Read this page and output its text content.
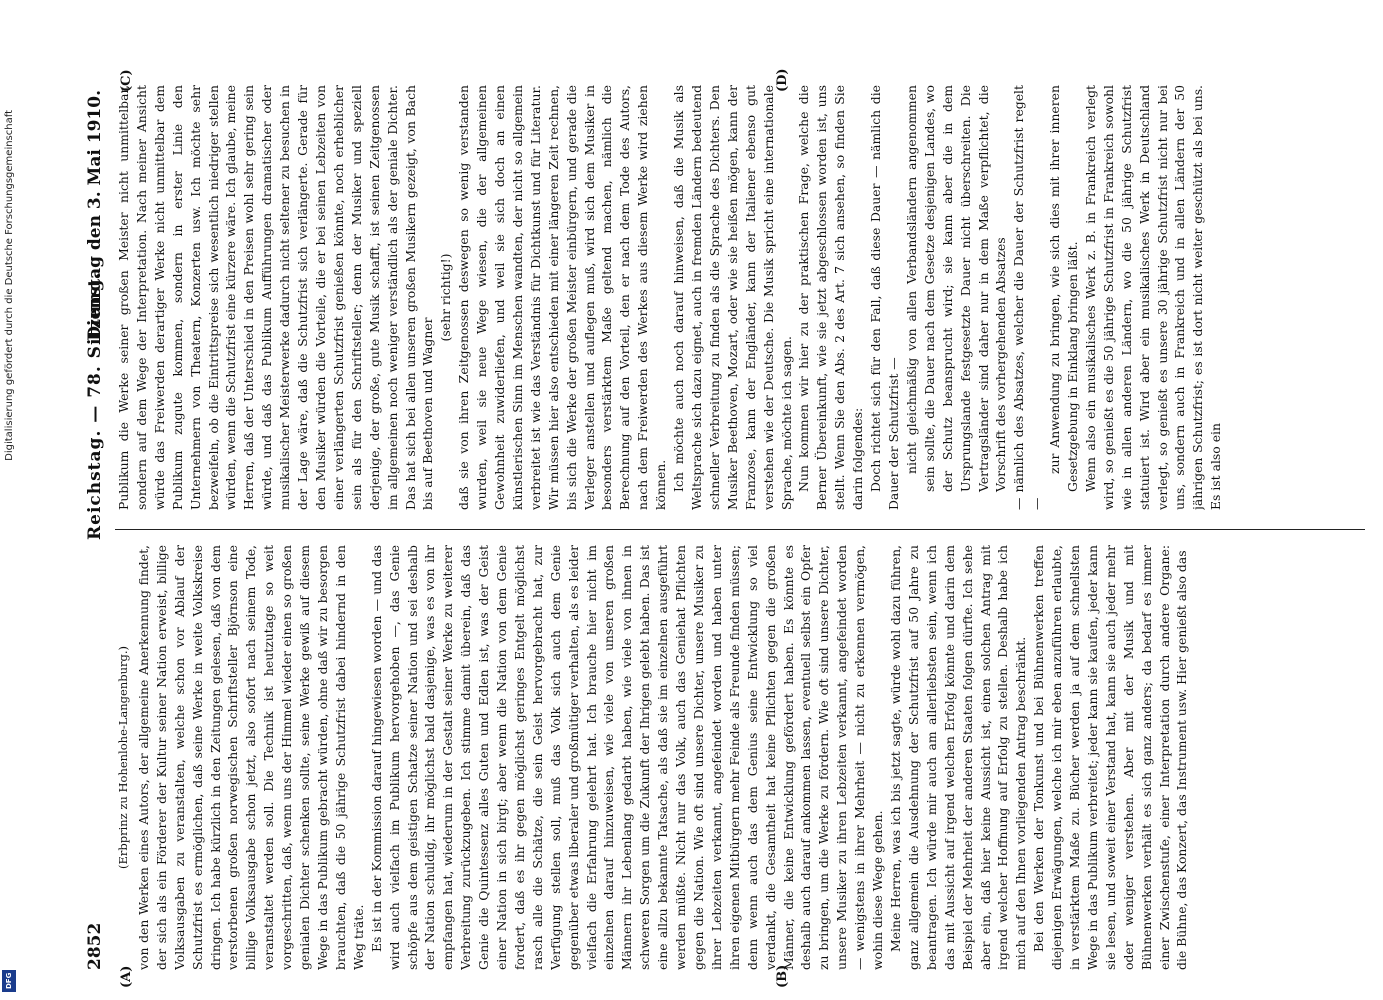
2852
Reichstag. — 78. Sitzung.
Dienstag den 3. Mai 1910.
(A)	(B)
(C)	(D)
(Erbprinz zu Hohenlohe-Langenburg.) von den Werken eines Autors, der allgemeine Anerkennung findet, der sich als ein Förderer der Kultur seiner Nation erweist, billige Volksausgaben zu veranstalten, welche schon vor Ablauf der Schutzfrist es ermöglichen, daß seine Werke in weite Volkskreise dringen. Ich habe kürzlich in den Zeitungen gelesen, daß von dem verstorbenen großen norwegischen Schriftsteller Björnson eine billige Volksausgabe schon jetzt, also sofort nach seinem Tode, veranstaltet werden soll. Die Technik ist heutzutage so weit vorgeschritten, daß, wenn uns der Himmel wieder einen so großen genialen Dichter schenken sollte, seine Werke gewiß auf diesem Wege in das Publikum gebracht würden, ohne daß wir zu besorgen brauchten, daß die 50 jährige Schutzfrist dabei hindernd in den Weg träte. Es ist in der Kommission darauf hingewiesen worden — und das wird auch vielfach im Publikum hervorgehoben —, das Genie schöpfe aus dem geistigen Schatze seiner Nation und sei deshalb der Nation schuldig, ihr möglichst bald dasjenige, was es von ihr empfangen hat, wiederum in der Gestalt seiner Werke zu weiterer Verbreitung zurückzugeben. Ich stimme damit überein, daß das Genie die Quintessenz alles Guten und Edlen ist, was der Geist einer Nation in sich birgt; aber wenn die Nation von dem Genie fordert, daß es ihr gegen möglichst geringes Entgelt möglichst rasch alle die Schätze, die sein Geist hervorgebracht hat, zur Verfügung stellen soll, muß das Volk sich auch dem Genie gegenüber etwas liberaler und großmütiger verhalten, als es leider vielfach die Erfahrung gelehrt hat. Ich brauche hier nicht im einzelnen darauf hinzuweisen, wie viele von unseren großen Männern ihr Lebenlang gedarbt haben, wie viele von ihnen in schweren Sorgen um die Zukunft der Ihrigen gelebt haben. Das ist eine allzu bekannte Tatsache, als daß sie im einzelnen ausgeführt werden müßte. Nicht nur das Volk, auch das Geniehat Pflichten gegen die Nation. Wie oft sind unsere Dichter, unsere Musiker zu ihrer Lebzeiten verkannt, angefeindet worden und haben unter ihren eigenen Mitbürgern mehr Feinde als Freunde finden müssen; denn wenn auch das dem Genius seine Entwicklung so viel verdankt, die Gesamtheit hat keine Pflichten gegen die großen Männer, die keine Entwicklung gefördert haben. Es könnte es deshalb auch darauf ankommen lassen, eventuell selbst ein Opfer zu bringen, um die Werke zu fördern. Wie oft sind unsere Dichter, unsere Musiker zu ihren Lebzeiten verkannt, angefeindet worden — wenigstens in ihrer Mehrheit — nicht zu erkennen vermögen, wohin diese Wege gehen. Meine Herren, was ich bis jetzt sagte, würde wohl dazu führen, ganz allgemein die Ausdehnung der Schutzfrist auf 50 Jahre zu beantragen. Ich würde mir auch am allerliebsten sein, wenn ich das mit Aussicht auf irgend welchen Erfolg könnte und darin dem Beispiel der Mehrheit der anderen Staaten folgen dürfte. Ich sehe aber ein, daß hier keine Aussicht ist, einen solchen Antrag mit irgend welcher Hoffnung auf Erfolg zu stellen. Deshalb habe ich mich auf den Ihnen vorliegenden Antrag beschränkt. Bei den Werken der Tonkunst und bei Bühnenwerken treffen diejenigen Erwägungen, welche ich mir eben anzuführen erlaubte, in verstärktem Maße zu. Bücher werden ja auf dem schnellsten Wege in das Publikum verbreitet; jeder kann sie kaufen, jeder kann sie lesen, und soweit einer Verstand hat, kann sie auch jeder mehr oder weniger verstehen. Aber mit der Musik und mit Bühnenwerken verhält es sich ganz anders; da bedarf es immer einer Zwischenstufe, einer Interpretation durch andere Organe: die Bühne, das Konzert, das Instrument usw. Hier genießt also das

Publikum die Werke seiner großen Meister nicht unmittelbar, sondern auf dem Wege der Interpretation. Nach meiner Ansicht würde das Freiwerden derartiger Werke nicht unmittelbar dem Publikum zugute kommen, sondern in erster Linie den Unternehmern von Theatern, Konzerten usw. Ich möchte sehr bezweifeln, ob die Eintrittspreise sich wesentlich niedriger stellen würden, wenn die Schutzfrist eine kürzere wäre. Ich glaube, meine Herren, daß der Unterschied in den Preisen wohl sehr gering sein würde, und daß das Publikum Aufführungen dramatischer oder musikalischer Meisterwerke dadurch nicht seltener zu besuchen in der Lage wäre, daß die Schutzfrist sich verlängerte. Gerade für den Musiker würden die Vorteile, die er bei seinen Lebzeiten von einer verlängerten Schutzfrist genießen könnte, noch erheblicher sein als für den Schriftsteller; denn der Musiker und speziell derjenige, der große, gute Musik schafft, ist seinen Zeitgenossen im allgemeinen noch weniger verständlich als der geniale Dichter. Das hat sich bei allen unseren großen Musikern gezeigt, von Bach bis auf Beethoven und Wagner

(sehr richtig!) daß sie von ihren Zeitgenossen deswegen so wenig verstanden wurden, weil sie neue Wege wiesen, die der allgemeinen Gewohnheit zuwiderliefen, und weil sie sich doch an einen künstlerischen Sinn im Menschen wandten, der nicht so allgemein verbreitet ist wie das Verständnis für Dichtkunst und für Literatur. Wir müssen hier also entschieden mit einer längeren Zeit rechnen, bis sich die Werke der großen Meister einbürgern, und gerade die Verleger anstellen und auflegen muß, wird sich dem Musiker in besonders verstärktem Maße geltend machen, nämlich die Berechnung auf den Vorteil, den er nach dem Tode des Autors, nach dem Freiwerden des Werkes aus diesem Werke wird ziehen können. Ich möchte auch noch darauf hinweisen, daß die Musik als Weltsprache sich dazu eignet, auch in fremden Ländern bedeutend schneller Verbreitung zu finden als die Sprache des Dichters. Den Musiker Beethoven, Mozart, oder wie sie heißen mögen, kann der Franzose, kann der Engländer, kann der Italiener ebenso gut verstehen wie der Deutsche. Die Musik spricht eine internationale Sprache, möchte ich sagen. Nun kommen wir hier zu der praktischen Frage, welche die Berner Übereinkunft, wie sie jetzt abgeschlossen worden ist, uns stellt. Wenn Sie den Abs. 2 des Art. 7 sich ansehen, so finden Sie darin folgendes: Doch richtet sich für den Fall, daß diese Dauer — nämlich die Dauer der Schutzfrist — nicht gleichmäßig von allen Verbandsländern angenommen sein sollte, die Dauer nach dem Gesetze desjenigen Landes, wo der Schutz beansprucht wird; sie kann aber die in dem Ursprungslande festgesetzte Dauer nicht überschreiten. Die Vertragsländer sind daher nur in dem Maße verpflichtet, die Vorschrift des vorhergehenden Absatzes — nämlich des Absatzes, welcher die Dauer der Schutzfrist regelt —

zur Anwendung zu bringen, wie sich dies mit ihrer inneren Gesetzgebung in Einklang bringen läßt. Wenn also ein musikalisches Werk z. B. in Frankreich verlegt wird, so genießt es die 50 jährige Schutzfrist in Frankreich sowohl wie in allen anderen Ländern, wo die 50 jährige Schutzfrist statuiert ist. Wird aber ein musikalisches Werk in Deutschland verlegt, so genießt es unsere 30 jährige Schutzfrist nicht nur bei uns, sondern auch in Frankreich und in allen Ländern der 50 jährigen Schutzfrist; es ist dort nicht weiter geschützt als bei uns. Es ist also ein

Digitalisierung gefördert durch die Deutsche Forschungsgemeinschaft
DFG
